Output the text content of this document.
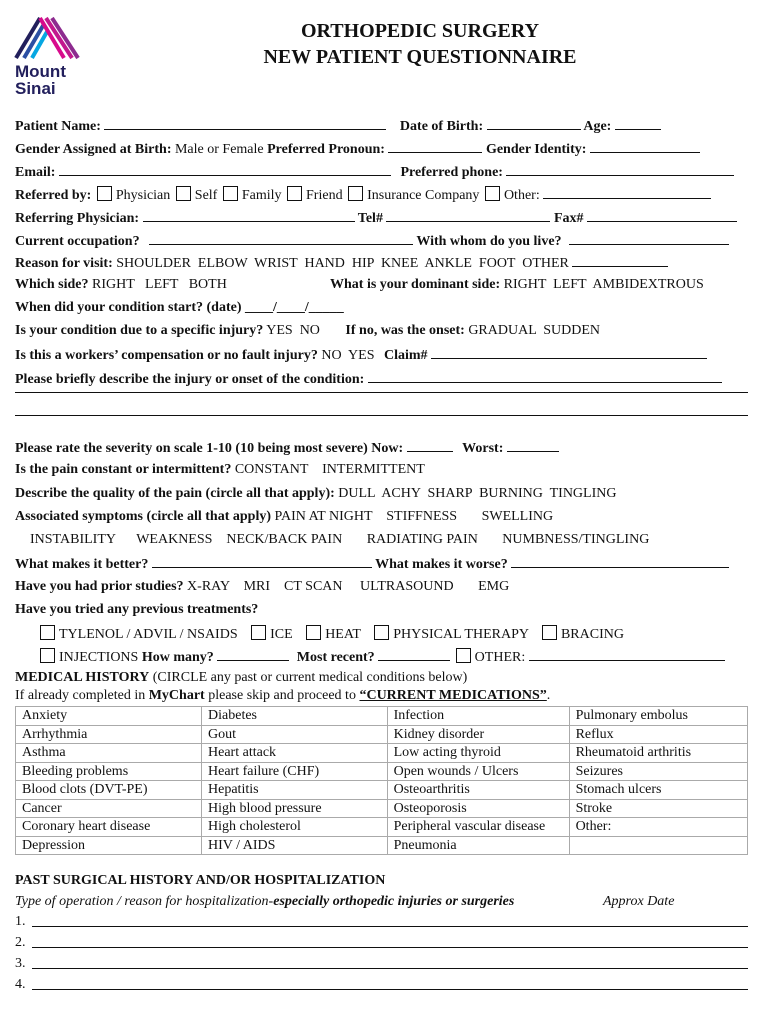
Mount
Sinai
ORTHOPEDIC SURGERY
NEW PATIENT QUESTIONNAIRE
Patient Name:	Date of Birth:	Age:
Gender Assigned at Birth: Male or Female Preferred Pronoun:	Gender Identity:
Email:	Preferred phone:
Referred by: Physician Self Family Friend Insurance Company Other:
Referring Physician:	Tel#	Fax#
Current occupation?	With whom do you live?
Reason for visit: SHOULDER  ELBOW  WRIST  HAND  HIP  KNEE  ANKLE  FOOT  OTHER
Which side? RIGHT   LEFT   BOTH	What is your dominant side: RIGHT  LEFT  AMBIDEXTROUS
When did your condition start? (date) ____/____/_____
Is your condition due to a specific injury? YES  NO If no, was the onset: GRADUAL  SUDDEN
Is this a workers’ compensation or no fault injury? NO  YES Claim#
Please briefly describe the injury or onset of the condition:
Please rate the severity on scale 1-10 (10 being most severe) Now:	Worst:
Is the pain constant or intermittent? CONSTANT    INTERMITTENT
Describe the quality of the pain (circle all that apply): DULL  ACHY  SHARP  BURNING  TINGLING
Associated symptoms (circle all that apply) PAIN AT NIGHT    STIFFNESS       SWELLING
INSTABILITY      WEAKNESS    NECK/BACK PAIN       RADIATING PAIN       NUMBNESS/TINGLING
What makes it better?	What makes it worse?
Have you had prior studies? X-RAY    MRI    CT SCAN     ULTRASOUND       EMG
Have you tried any previous treatments?
TYLENOL / ADVIL / NSAIDS ICE HEAT PHYSICAL THERAPY BRACING
INJECTIONS How many?	Most recent?	OTHER:
MEDICAL HISTORY (CIRCLE any past or current medical conditions below)
If already completed in MyChart please skip and proceed to “CURRENT MEDICATIONS”.
Anxiety	Diabetes	Infection	Pulmonary embolus
Arrhythmia	Gout	Kidney disorder	Reflux
Asthma	Heart attack	Low acting thyroid	Rheumatoid arthritis
Bleeding problems	Heart failure (CHF)	Open wounds / Ulcers	Seizures
Blood clots (DVT-PE)	Hepatitis	Osteoarthritis	Stomach ulcers
Cancer	High blood pressure	Osteoporosis	Stroke
Coronary heart disease	High cholesterol	Peripheral vascular disease	Other:
Depression	HIV / AIDS	Pneumonia	
PAST SURGICAL HISTORY AND/OR HOSPITALIZATION
Type of operation / reason for hospitalization-especially orthopedic injuries or surgeries	Approx Date
1.
2.
3.
4.
